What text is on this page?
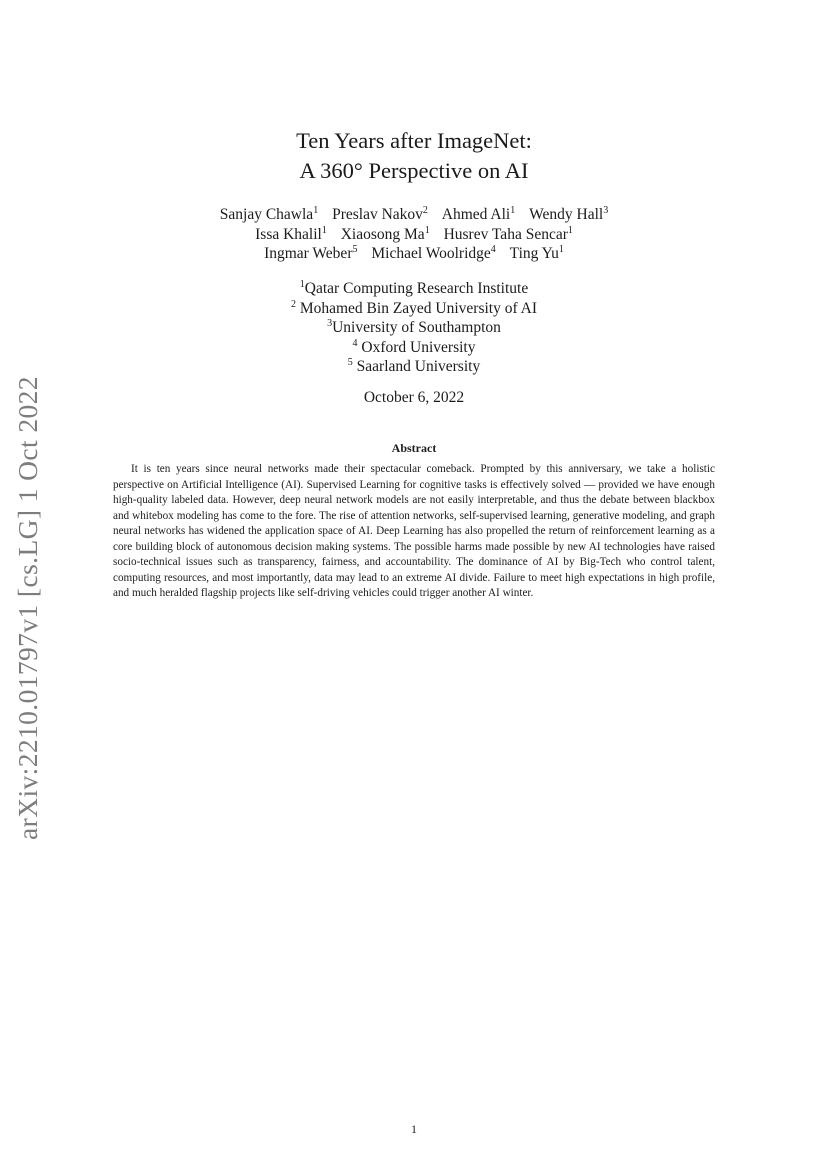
arXiv:2210.01797v1 [cs.LG] 1 Oct 2022
Ten Years after ImageNet:
A 360° Perspective on AI
Sanjay Chawla$^1$ Preslav Nakov$^2$ Ahmed Ali$^1$ Wendy Hall$^3$
Issa Khalil$^1$ Xiaosong Ma$^1$ Husrev Taha Sencar$^1$
Ingmar Weber$^5$ Michael Woolridge$^4$ Ting Yu$^1$
$^1$Qatar Computing Research Institute
$^2$ Mohamed Bin Zayed University of AI
$^3$University of Southampton
$^4$ Oxford University
$^5$ Saarland University
October 6, 2022
Abstract
It is ten years since neural networks made their spectacular comeback. Prompted by this anniversary, we take a holistic perspective on Artificial Intelligence (AI). Supervised Learning for cognitive tasks is effectively solved — provided we have enough high-quality labeled data. However, deep neural network models are not easily interpretable, and thus the debate between blackbox and whitebox modeling has come to the fore. The rise of attention networks, self-supervised learning, generative modeling, and graph neural networks has widened the application space of AI. Deep Learning has also propelled the return of reinforcement learning as a core building block of autonomous decision making systems. The possible harms made possible by new AI technologies have raised socio-technical issues such as transparency, fairness, and accountability. The dominance of AI by Big-Tech who control talent, computing resources, and most importantly, data may lead to an extreme AI divide. Failure to meet high expectations in high profile, and much heralded flagship projects like self-driving vehicles could trigger another AI winter.
1
